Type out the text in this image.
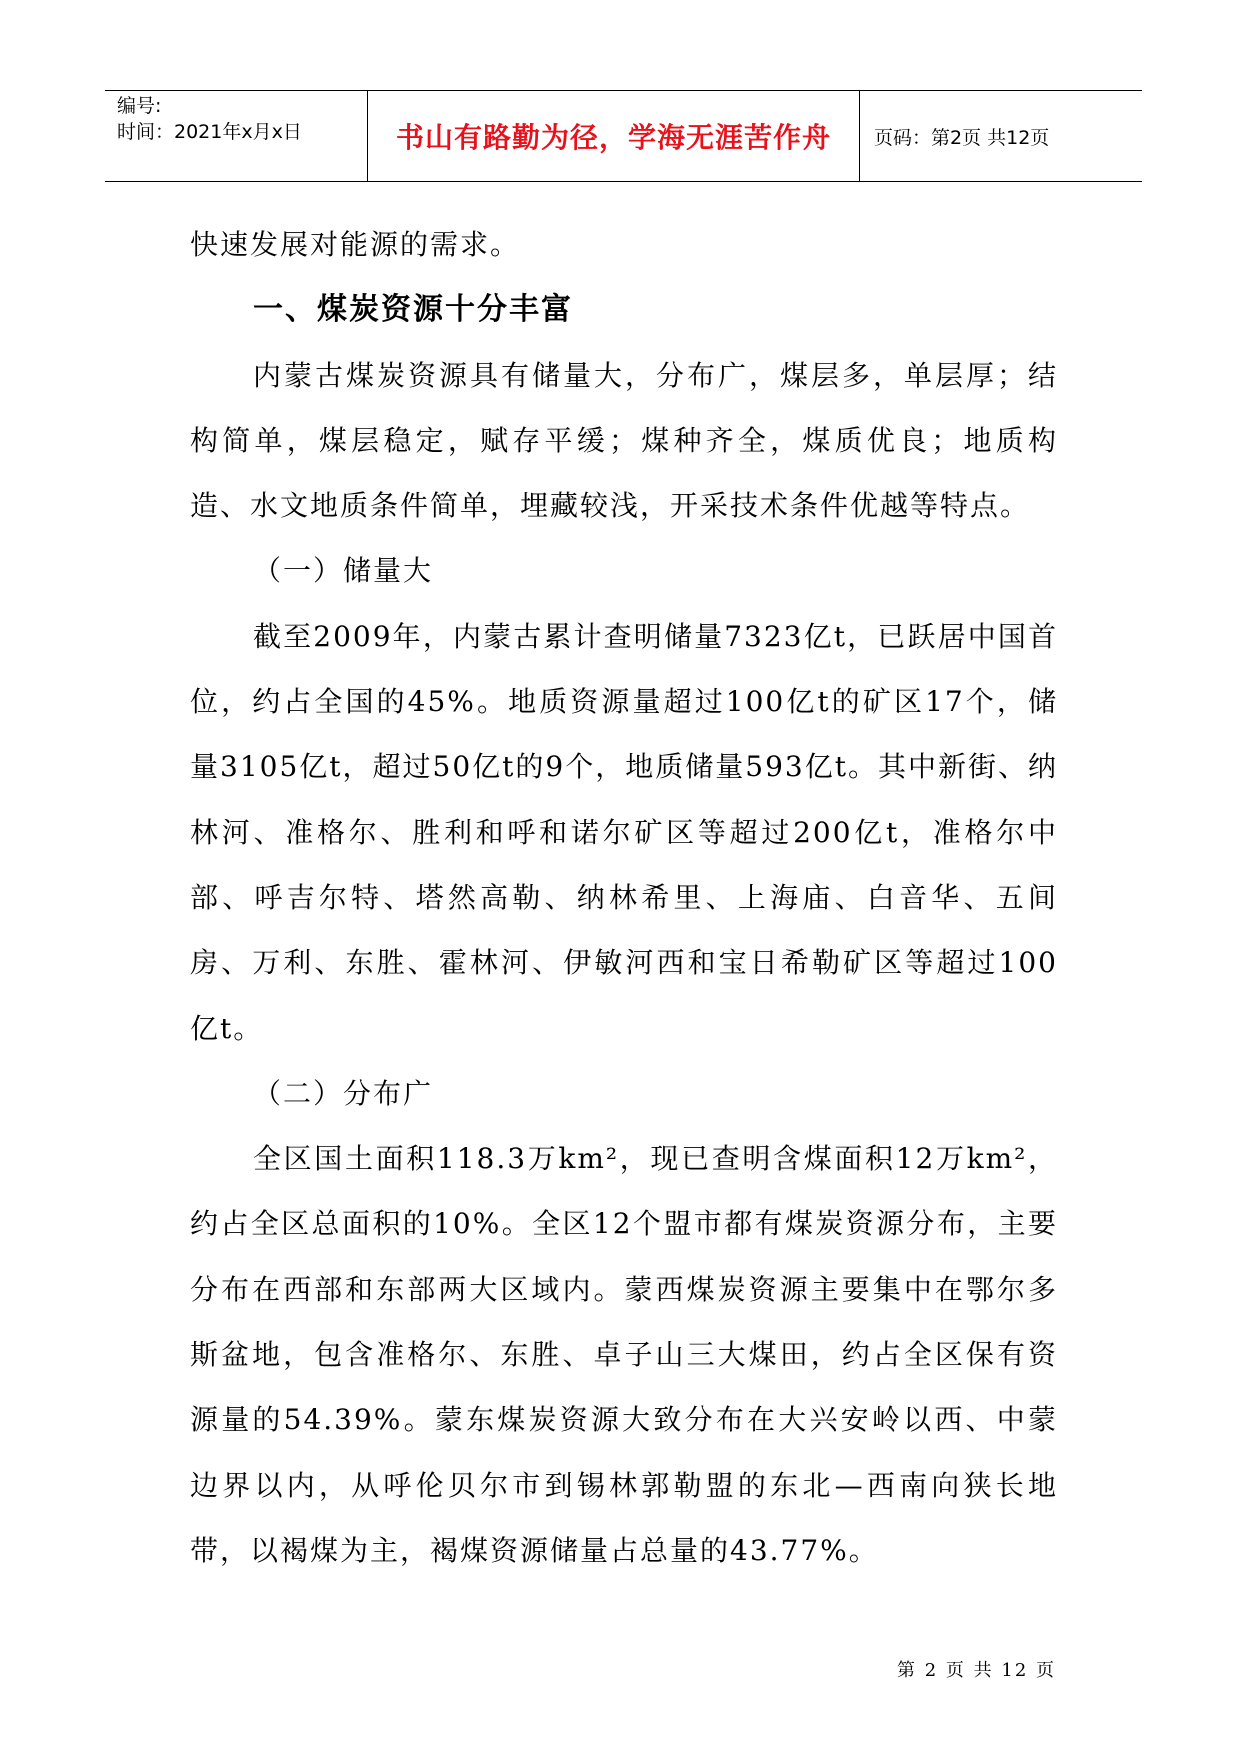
编号:
时间：2021年x月x日	书山有路勤为径，学海无涯苦作舟	页码：第2页 共12页

快速发展对能源的需求。

一、煤炭资源十分丰富

内蒙古煤炭资源具有储量大，分布广，煤层多，单层厚；结构简单，煤层稳定，赋存平缓；煤种齐全，煤质优良；地质构造、水文地质条件简单，埋藏较浅，开采技术条件优越等特点。

（一）储量大

截至2009年，内蒙古累计查明储量7323亿t，已跃居中国首位，约占全国的45%。地质资源量超过100亿t的矿区17个，储量3105亿t，超过50亿t的9个，地质储量593亿t。其中新街、纳林河、准格尔、胜利和呼和诺尔矿区等超过200亿t，准格尔中部、呼吉尔特、塔然高勒、纳林希里、上海庙、白音华、五间房、万利、东胜、霍林河、伊敏河西和宝日希勒矿区等超过100亿t。

（二）分布广

全区国土面积118.3万km²，现已查明含煤面积12万km²，约占全区总面积的10%。全区12个盟市都有煤炭资源分布，主要分布在西部和东部两大区域内。蒙西煤炭资源主要集中在鄂尔多斯盆地，包含准格尔、东胜、卓子山三大煤田，约占全区保有资源量的54.39%。蒙东煤炭资源大致分布在大兴安岭以西、中蒙边界以内，从呼伦贝尔市到锡林郭勒盟的东北—西南向狭长地带，以褐煤为主，褐煤资源储量占总量的43.77%。

第 2 页 共 12 页
